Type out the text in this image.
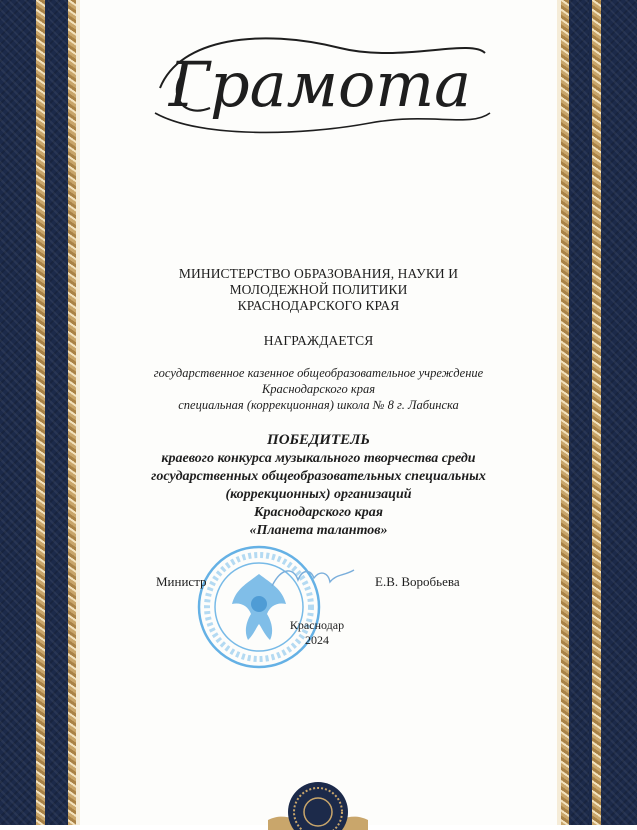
Грамота
МИНИСТЕРСТВО ОБРАЗОВАНИЯ, НАУКИ И
МОЛОДЕЖНОЙ ПОЛИТИКИ
КРАСНОДАРСКОГО КРАЯ
НАГРАЖДАЕТСЯ
государственное казенное общеобразовательное учреждение
Краснодарского края
специальная (коррекционная) школа № 8 г. Лабинска
ПОБЕДИТЕЛЬ
краевого конкурса музыкального творчества среди
государственных общеобразовательных специальных
(коррекционных) организаций
Краснодарского края
«Планета талантов»
Министр	Е.В. Воробьева
Краснодар
2024
